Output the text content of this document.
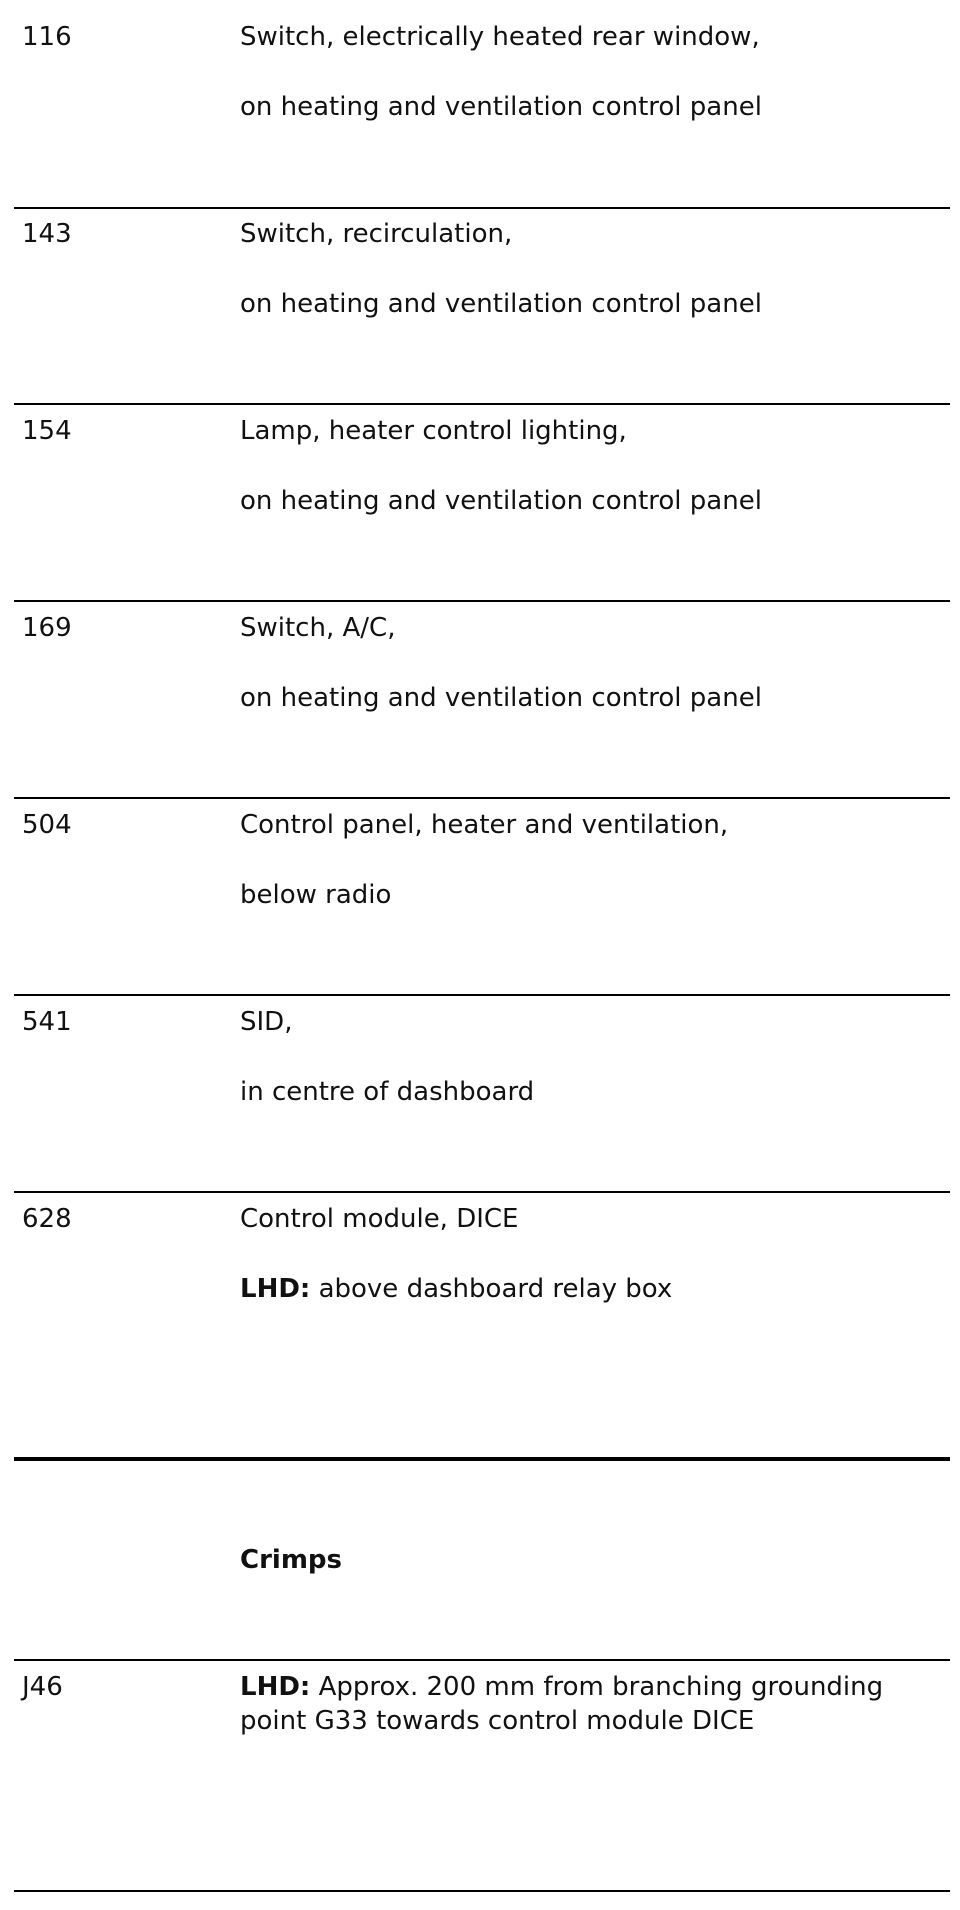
116	Switch, electrically heated rear window,
on heating and ventilation control panel
143	Switch, recirculation,
on heating and ventilation control panel
154	Lamp, heater control lighting,
on heating and ventilation control panel
169	Switch, A/C,
on heating and ventilation control panel
504	Control panel, heater and ventilation,
below radio
541	SID,
in centre of dashboard
628	Control module, DICE
LHD: above dashboard relay box
Crimps
J46	LHD: Approx. 200 mm from branching grounding point G33 towards control module DICE
